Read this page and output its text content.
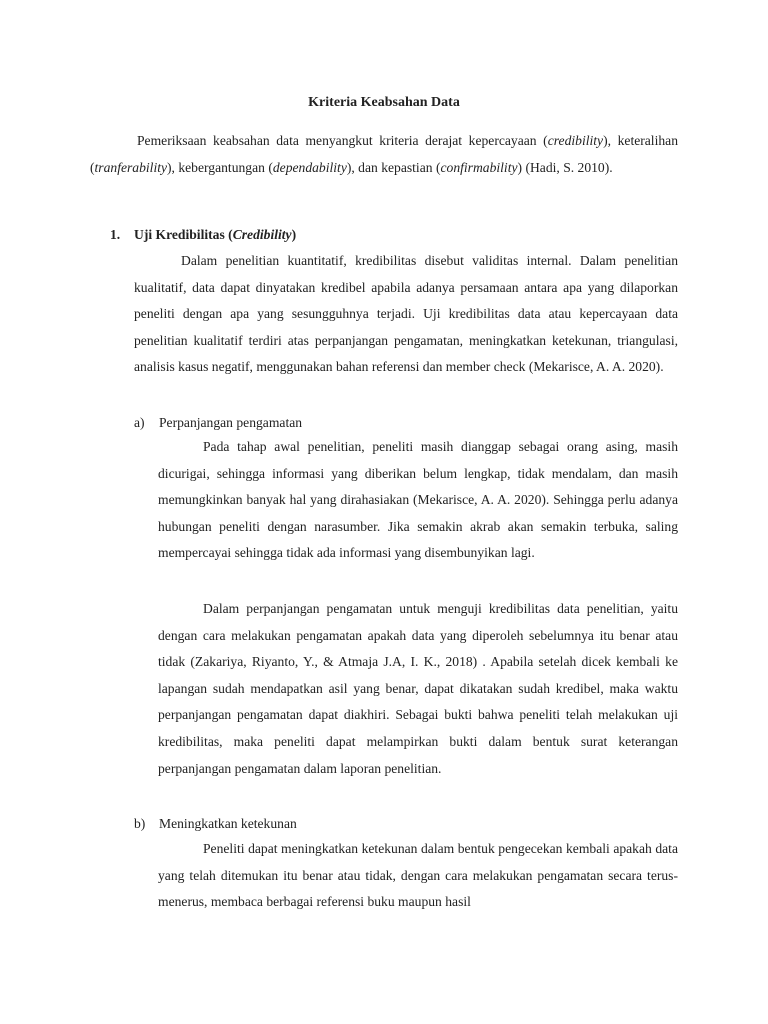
Kriteria Keabsahan Data

Pemeriksaan keabsahan data menyangkut kriteria derajat kepercayaan (credibility), keteralihan (tranferability), kebergantungan (dependability), dan kepastian (confirmability) (Hadi, S. 2010).

1. Uji Kredibilitas (Credibility)

Dalam penelitian kuantitatif, kredibilitas disebut validitas internal. Dalam penelitian kualitatif, data dapat dinyatakan kredibel apabila adanya persamaan antara apa yang dilaporkan peneliti dengan apa yang sesungguhnya terjadi. Uji kredibilitas data atau kepercayaan data penelitian kualitatif terdiri atas perpanjangan pengamatan, meningkatkan ketekunan, triangulasi, analisis kasus negatif, menggunakan bahan referensi dan member check (Mekarisce, A. A. 2020).

a) Perpanjangan pengamatan

Pada tahap awal penelitian, peneliti masih dianggap sebagai orang asing, masih dicurigai, sehingga informasi yang diberikan belum lengkap, tidak mendalam, dan masih memungkinkan banyak hal yang dirahasiakan (Mekarisce, A. A. 2020). Sehingga perlu adanya hubungan peneliti dengan narasumber. Jika semakin akrab akan semakin terbuka, saling mempercayai sehingga tidak ada informasi yang disembunyikan lagi.

Dalam perpanjangan pengamatan untuk menguji kredibilitas data penelitian, yaitu dengan cara melakukan pengamatan apakah data yang diperoleh sebelumnya itu benar atau tidak (Zakariya, Riyanto, Y., & Atmaja J.A, I. K., 2018) . Apabila setelah dicek kembali ke lapangan sudah mendapatkan asil yang benar, dapat dikatakan sudah kredibel, maka waktu perpanjangan pengamatan dapat diakhiri. Sebagai bukti bahwa peneliti telah melakukan uji kredibilitas, maka peneliti dapat melampirkan bukti dalam bentuk surat keterangan perpanjangan pengamatan dalam laporan penelitian.

b) Meningkatkan ketekunan

Peneliti dapat meningkatkan ketekunan dalam bentuk pengecekan kembali apakah data yang telah ditemukan itu benar atau tidak, dengan cara melakukan pengamatan secara terus-menerus, membaca berbagai referensi buku maupun hasil
